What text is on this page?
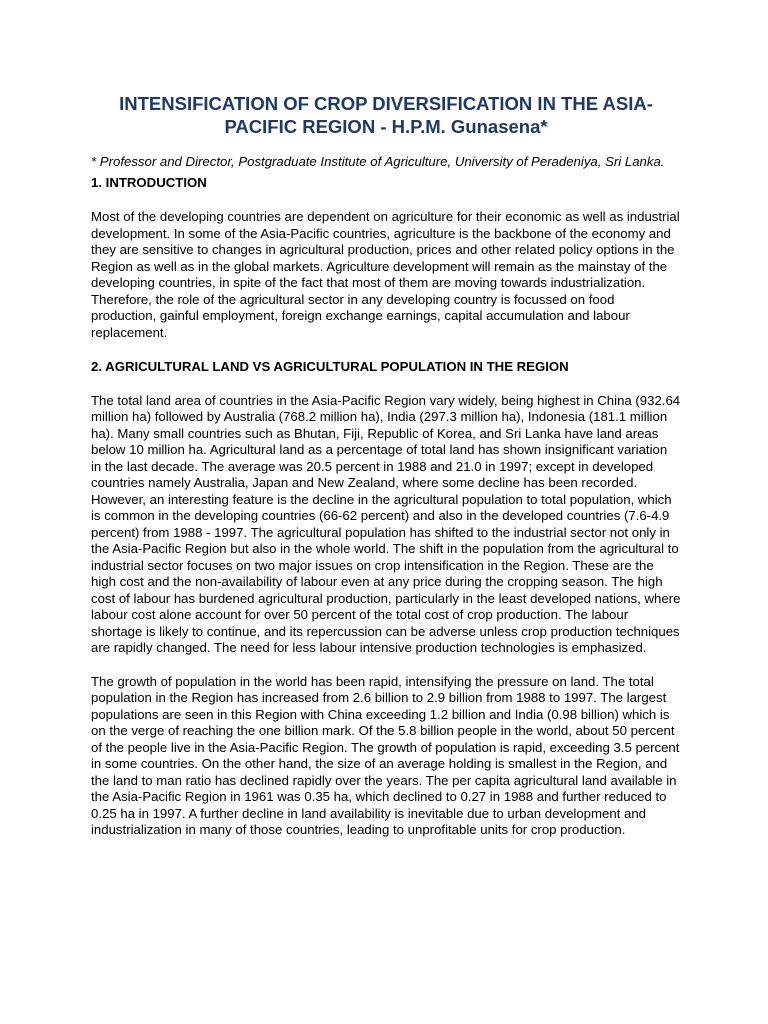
INTENSIFICATION OF CROP DIVERSIFICATION IN THE ASIA-PACIFIC REGION - H.P.M. Gunasena*

* Professor and Director, Postgraduate Institute of Agriculture, University of Peradeniya, Sri Lanka.

1. INTRODUCTION

Most of the developing countries are dependent on agriculture for their economic as well as industrial development. In some of the Asia-Pacific countries, agriculture is the backbone of the economy and they are sensitive to changes in agricultural production, prices and other related policy options in the Region as well as in the global markets. Agriculture development will remain as the mainstay of the developing countries, in spite of the fact that most of them are moving towards industrialization. Therefore, the role of the agricultural sector in any developing country is focussed on food production, gainful employment, foreign exchange earnings, capital accumulation and labour replacement.

2. AGRICULTURAL LAND VS AGRICULTURAL POPULATION IN THE REGION

The total land area of countries in the Asia-Pacific Region vary widely, being highest in China (932.64 million ha) followed by Australia (768.2 million ha), India (297.3 million ha), Indonesia (181.1 million ha). Many small countries such as Bhutan, Fiji, Republic of Korea, and Sri Lanka have land areas below 10 million ha. Agricultural land as a percentage of total land has shown insignificant variation in the last decade. The average was 20.5 percent in 1988 and 21.0 in 1997; except in developed countries namely Australia, Japan and New Zealand, where some decline has been recorded. However, an interesting feature is the decline in the agricultural population to total population, which is common in the developing countries (66-62 percent) and also in the developed countries (7.6-4.9 percent) from 1988 - 1997. The agricultural population has shifted to the industrial sector not only in the Asia-Pacific Region but also in the whole world. The shift in the population from the agricultural to industrial sector focuses on two major issues on crop intensification in the Region. These are the high cost and the non-availability of labour even at any price during the cropping season. The high cost of labour has burdened agricultural production, particularly in the least developed nations, where labour cost alone account for over 50 percent of the total cost of crop production. The labour shortage is likely to continue, and its repercussion can be adverse unless crop production techniques are rapidly changed. The need for less labour intensive production technologies is emphasized.

The growth of population in the world has been rapid, intensifying the pressure on land. The total population in the Region has increased from 2.6 billion to 2.9 billion from 1988 to 1997. The largest populations are seen in this Region with China exceeding 1.2 billion and India (0.98 billion) which is on the verge of reaching the one billion mark. Of the 5.8 billion people in the world, about 50 percent of the people live in the Asia-Pacific Region. The growth of population is rapid, exceeding 3.5 percent in some countries. On the other hand, the size of an average holding is smallest in the Region, and the land to man ratio has declined rapidly over the years. The per capita agricultural land available in the Asia-Pacific Region in 1961 was 0.35 ha, which declined to 0.27 in 1988 and further reduced to 0.25 ha in 1997. A further decline in land availability is inevitable due to urban development and industrialization in many of those countries, leading to unprofitable units for crop production.
